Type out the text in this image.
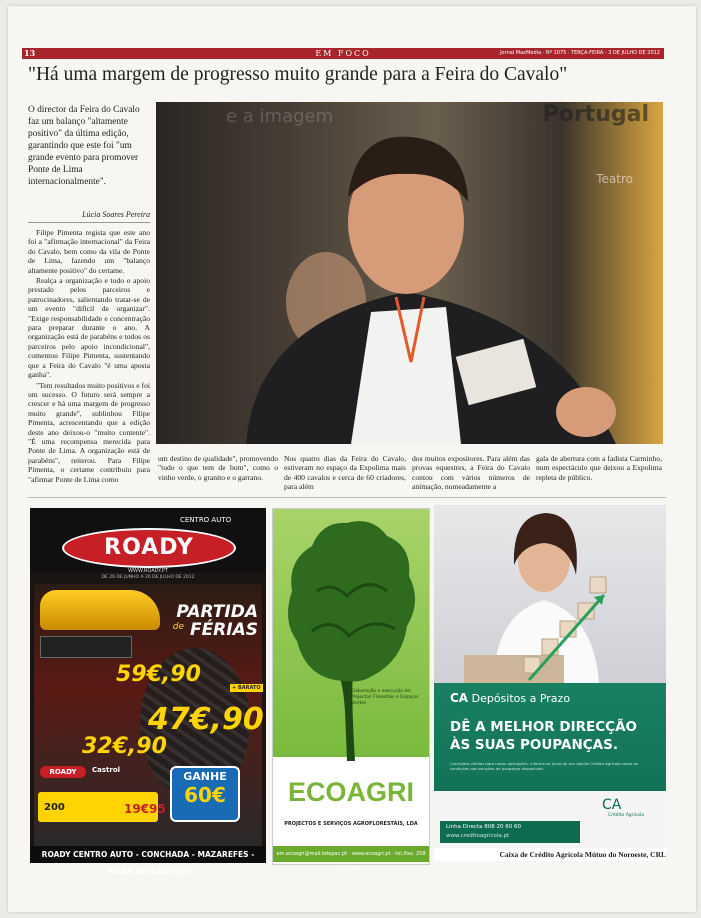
13	EM FOCO	Jornal MaxMedia · Nº 1075 · TERÇA-FEIRA · 3 DE JULHO DE 2012
"Há uma margem de progresso muito grande para a Feira do Cavalo"
O director da Feira do Cavalo faz um balanço "altamente positivo" da última edição, garantindo que este foi "um grande evento para promover Ponte de Lima internacionalmente".
Lúcia Soares Pereira

Filipe Pimenta regista que este ano foi a "afirmação internacional" da Feira do Cavalo, bem como da vila de Ponte de Lima, fazendo um "balanço altamente positivo" do certame.

Realça a organização e todo o apoio prestado pelos parceiros e patrocinadores, salientando tratar-se de um evento "difícil de organizar". "Exige responsabilidade e concentração para preparar durante o ano. A organização está de parabéns e todos os parceiros pelo apoio incondicional", comentou Filipe Pimenta, sustentando que a Feira do Cavalo "é uma aposta ganha".

"Tem resultados muito positivos e foi um sucesso. O futuro será sempre a crescer e há uma margem de progresso muito grande", sublinhou Filipe Pimenta, acrescentando que a edição deste ano deixou-o "muito contente". "É uma recompensa merecida para Ponte de Lima. A organização está de parabéns", reiterou. Para Filipe Pimenta, o certame contribuiu para "afirmar Ponte de Lima como

e a imagem	Portugal
Teatro
um destino de qualidade", promovendo "tudo o que tem de bom", como o vinho verde, o granito e o garrano.
Nos quatro dias da Feira do Cavalo, estiveram no espaço da Expolima mais de 400 cavalos e cerca de 60 criadores, para além
dos muitos expositores. Para além das provas equestres, a Feira do Cavalo contou com vários números de animação, nomeadamente a
gala de abertura com a fadista Carminho, num espectáculo que deixou a Expolima repleta de público.
CENTRO AUTO
ROADY
WWW.ROADY.PT
DE 26 DE JUNHO A 26 DE JULHO DE 2012
PARTIDA
de FÉRIAS
59€,90
47€,90
32€,90
+ BARATO
ROADY	Castrol	GANHE
60€
200	19€95
ROADY CENTRO AUTO - CONCHADA - MAZAREFES - VIANA DO CASTELO
Elaboração e execução de: Projectos Florestais e Espaços Verdes
ECOAGRI
PROJECTOS E SERVIÇOS AGROFLORESTAIS, LDA
em.ecoagri@mail.telepac.pt · www.ecoagri.pt · tel./fax. 258 944 890
CA Depósitos a Prazo
DÊ A MELHOR DIRECÇÃO
ÀS SUAS POUPANÇAS.
Condições válidas para novas aplicações. Informe-se junto do seu balcão Crédito Agrícola sobre as condições das soluções de poupança disponíveis.
CA
Crédito Agrícola
Linha Directa 808 20 60 60
www.creditoagricola.pt
Caixa de Crédito Agrícola Mútuo do Noroeste, CRL
